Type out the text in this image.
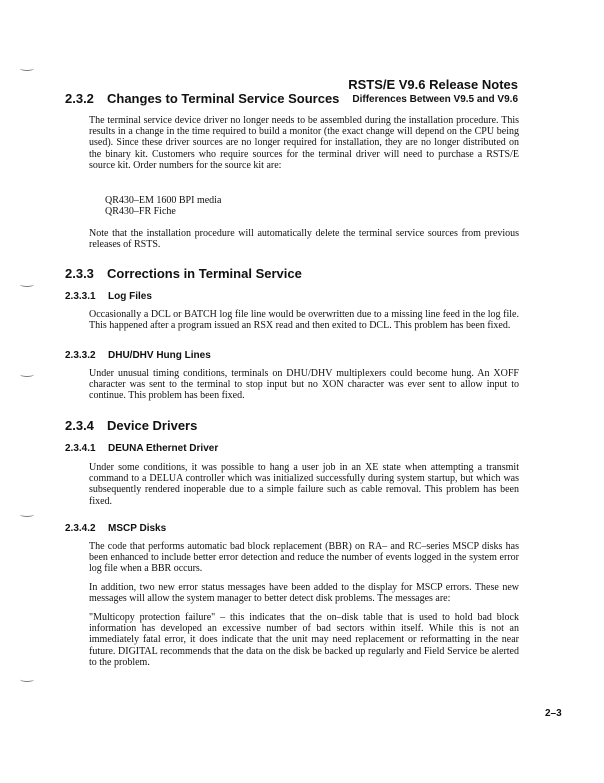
RSTS/E V9.6 Release Notes
Differences Between V9.5 and V9.6
2.3.2 Changes to Terminal Service Sources
The terminal service device driver no longer needs to be assembled during the installation procedure. This results in a change in the time required to build a monitor (the exact change will depend on the CPU being used). Since these driver sources are no longer required for installation, they are no longer distributed on the binary kit. Customers who require sources for the terminal driver will need to purchase a RSTS/E source kit. Order numbers for the source kit are:
QR430–EM 1600 BPI media
QR430–FR Fiche
Note that the installation procedure will automatically delete the terminal service sources from previous releases of RSTS.
2.3.3 Corrections in Terminal Service
2.3.3.1 Log Files
Occasionally a DCL or BATCH log file line would be overwritten due to a missing line feed in the log file. This happened after a program issued an RSX read and then exited to DCL. This problem has been fixed.
2.3.3.2 DHU/DHV Hung Lines
Under unusual timing conditions, terminals on DHU/DHV multiplexers could become hung. An XOFF character was sent to the terminal to stop input but no XON character was ever sent to allow input to continue. This problem has been fixed.
2.3.4 Device Drivers
2.3.4.1 DEUNA Ethernet Driver
Under some conditions, it was possible to hang a user job in an XE state when attempting a transmit command to a DELUA controller which was initialized successfully during system startup, but which was subsequently rendered inoperable due to a simple failure such as cable removal. This problem has been fixed.
2.3.4.2 MSCP Disks
The code that performs automatic bad block replacement (BBR) on RA– and RC–series MSCP disks has been enhanced to include better error detection and reduce the number of events logged in the system error log file when a BBR occurs.
In addition, two new error status messages have been added to the display for MSCP errors. These new messages will allow the system manager to better detect disk problems. The messages are:
"Multicopy protection failure" – this indicates that the on–disk table that is used to hold bad block information has developed an excessive number of bad sectors within itself. While this is not an immediately fatal error, it does indicate that the unit may need replacement or reformatting in the near future. DIGITAL recommends that the data on the disk be backed up regularly and Field Service be alerted to the problem.
2–3
